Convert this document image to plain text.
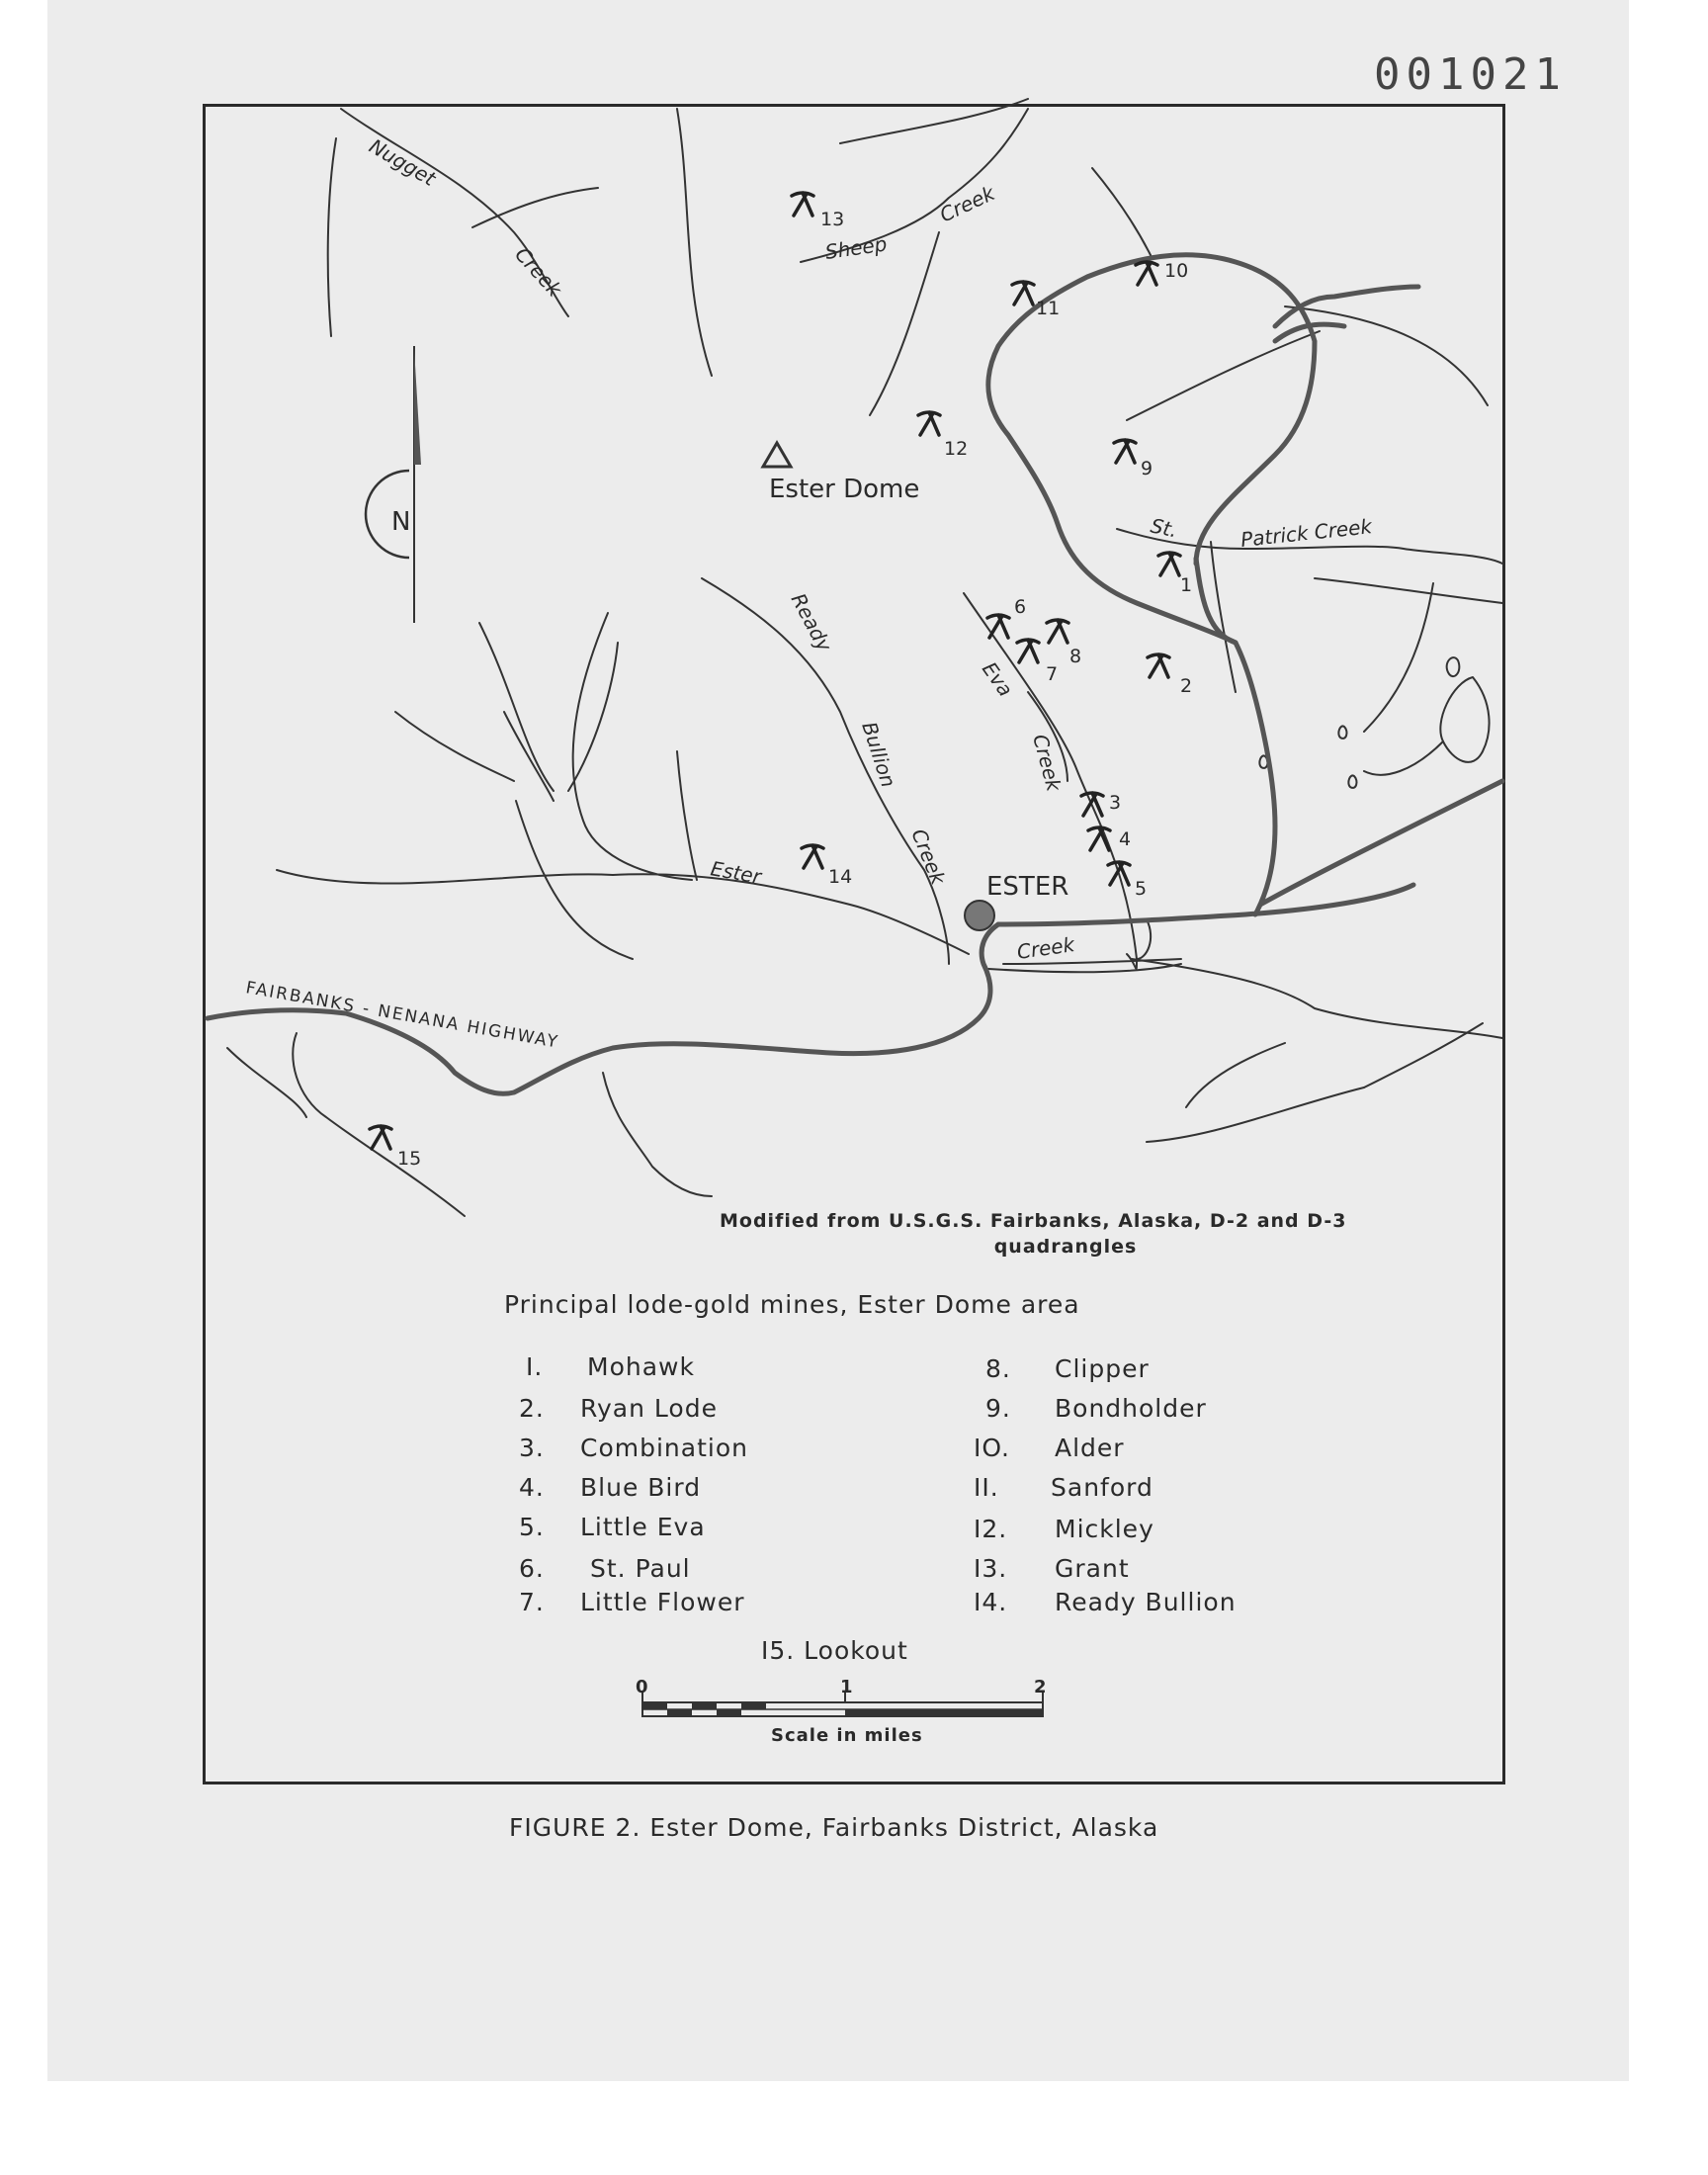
001021
N
0	1	2
Scale in miles
1
2
3
4
5
6
7
8
9
10
11
12
13
14
15
Nugget
Creek	Sheep
Creek
Ready
Bullion
Creek
Eva
Creek
St.	Patrick Creek
Ester
Creek
FAIRBANKS - NENANA HIGHWAY
Ester Dome
ESTER
Modified from U.S.G.S. Fairbanks, Alaska, D-2 and D-3
quadrangles
Principal lode-gold mines, Ester Dome area
I. Mohawk
2. Ryan Lode
3. Combination
4. Blue Bird
5. Little Eva
6. St. Paul
7. Little Flower
8. Clipper
9. Bondholder
IO. Alder
II. Sanford
I2. Mickley
I3. Grant
I4. Ready Bullion
I5. Lookout
FIGURE 2. Ester Dome, Fairbanks District, Alaska
